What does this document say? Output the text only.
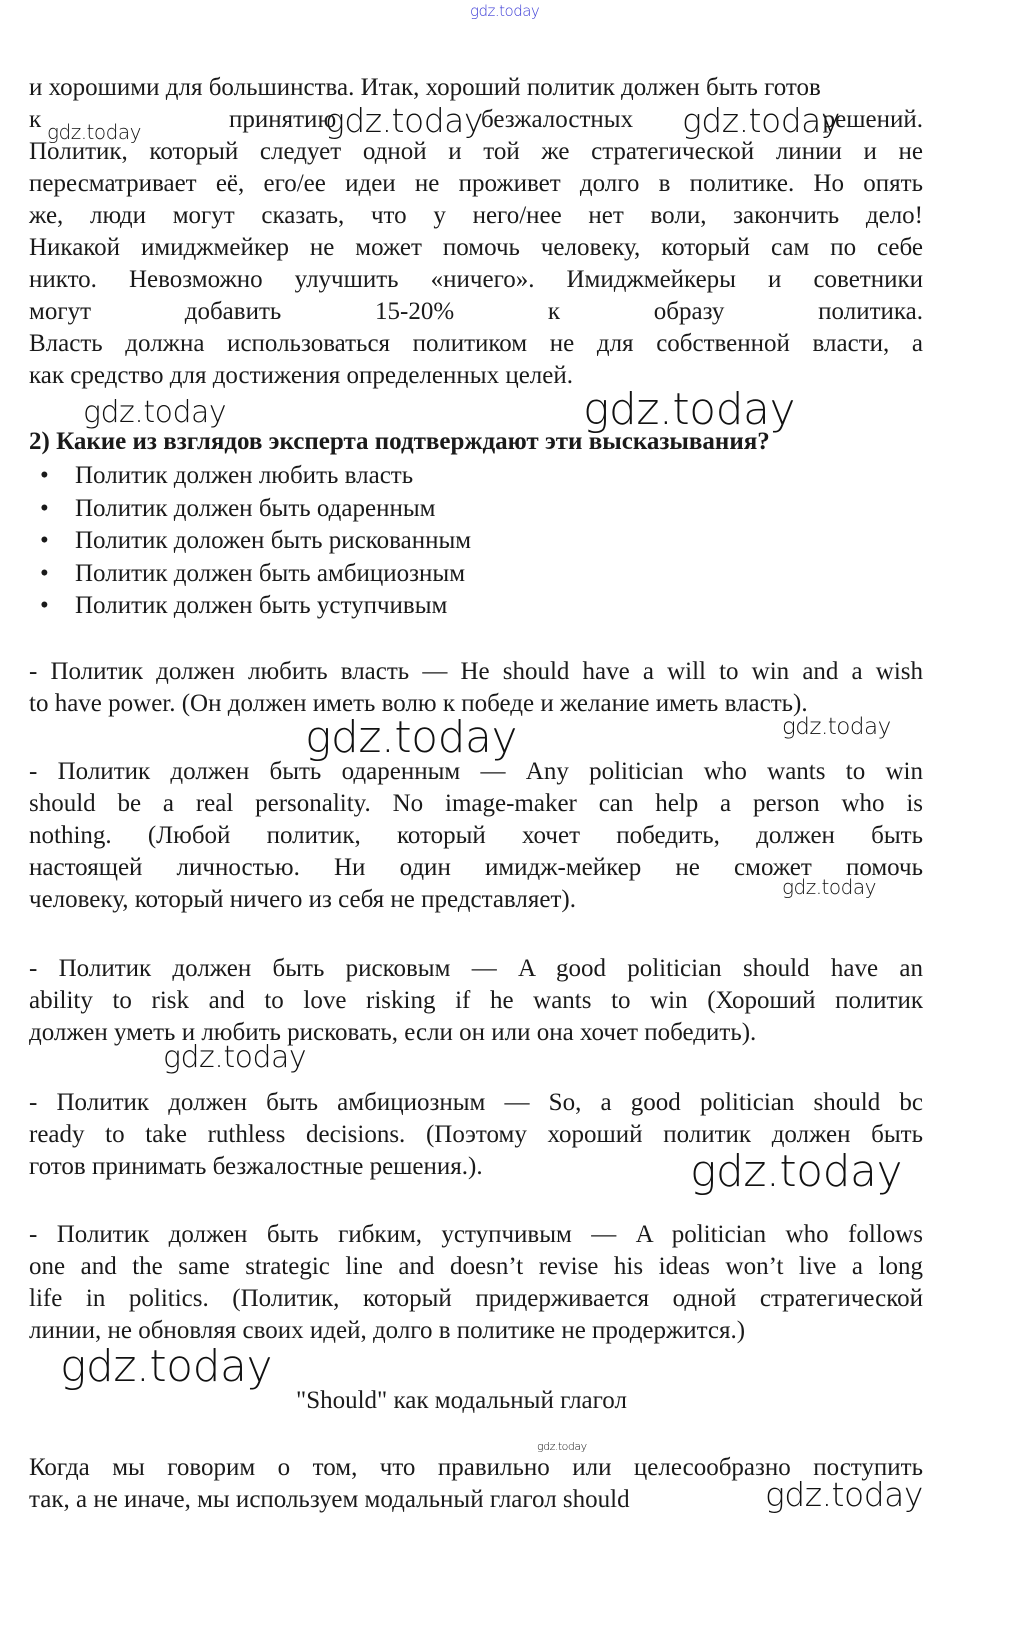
gdz.today
gdz.today	gdz.today	gdz.today
gdz.today	gdz.today
gdz.today	gdz.today
gdz.today
gdz.today
gdz.today
gdz.today
gdz.today
gdz.today
и хорошими для большинства. Итак, хороший политик должен быть готов
к	принятию	безжалостных	решений.
Политик, который следует одной и той же стратегической линии и не
пересматривает её, его/ее идеи не проживет долго в политике. Но опять
же, люди могут сказать, что у него/нее нет воли, закончить дело!
Никакой имиджмейкер не может помочь человеку, который сам по себе
никто. Невозможно улучшить «ничего». Имиджмейкеры и советники
могут добавить 15-20% к образу политика.
Власть должна использоваться политиком не для собственной власти, а
как средство для достижения определенных целей.
2) Какие из взглядов эксперта подтверждают эти высказывания?
•	Политик должен любить власть
•	Политик должен быть одаренным
•	Политик доложен быть рискованным
•	Политик должен быть амбициозным
•	Политик должен быть уступчивым
- Политик должен любить власть — He should have a will to win and a wish
to have power. (Он должен иметь волю к победе и желание иметь власть).
- Политик должен быть одаренным — Any politician who wants to win
should be a real personality. No image-maker can help a person who is
nothing. (Любой политик, который хочет победить, должен быть
настоящей личностью. Ни один имидж-мейкер не сможет помочь
человеку, который ничего из себя не представляет).
- Политик должен быть рисковым — A good politician should have an
ability to risk and to love risking if he wants to win (Хороший политик
должен уметь и любить рисковать, если он или она хочет победить).
- Политик должен быть амбициозным — So, a good politician should bc
ready to take ruthless decisions. (Поэтому хороший политик должен быть
готов принимать безжалостные решения.).
- Политик должен быть гибким, уступчивым — A politician who follows
one and the same strategic line and doesn’t revise his ideas won’t live a long
life in politics. (Политик, который придерживается одной стратегической
линии, не обновляя своих идей, долго в политике не продержится.)
"Should" как модальный глагол
Когда мы говорим о том, что правильно или целесообразно поступить
так, а не иначе, мы используем модальный глагол should
